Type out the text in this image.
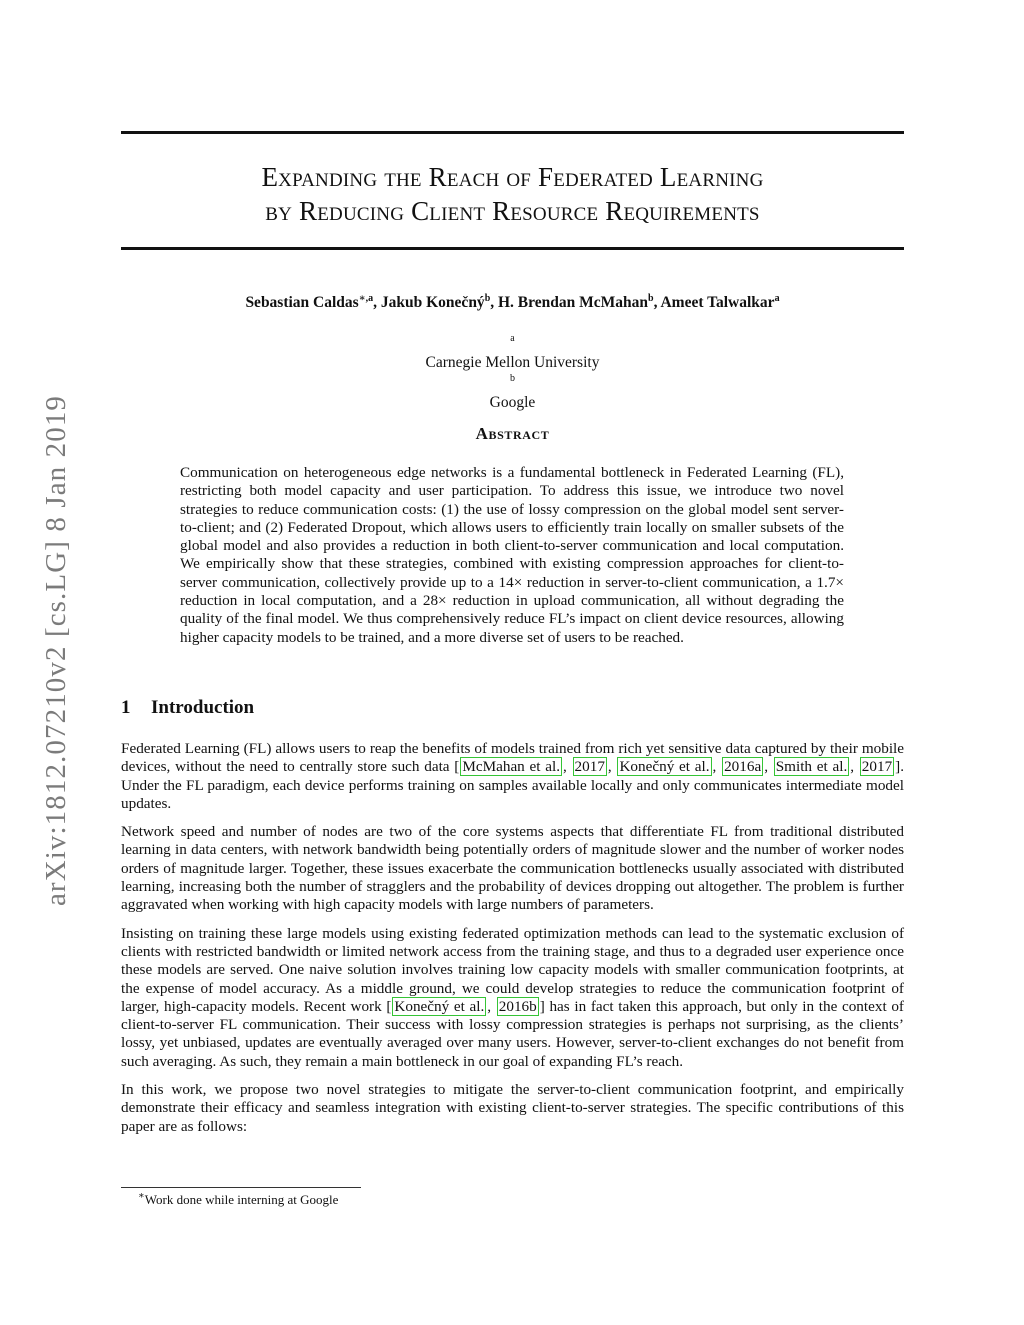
arXiv:1812.07210v2 [cs.LG] 8 Jan 2019
Expanding the Reach of Federated Learning
by Reducing Client Resource Requirements
Sebastian Caldas$^{∗,a}$, Jakub Konečný$^b$, H. Brendan McMahan$^b$, Ameet Talwalkar$^a$
$^a$
Carnegie Mellon University
$^b$
Google
Abstract
Communication on heterogeneous edge networks is a fundamental bottleneck in Federated Learning (FL), restricting both model capacity and user participation. To address this issue, we introduce two novel strategies to reduce communication costs: (1) the use of lossy compression on the global model sent server-to-client; and (2) Federated Dropout, which allows users to efficiently train locally on smaller subsets of the global model and also provides a reduction in both client-to-server communication and local computation. We empirically show that these strategies, combined with existing compression approaches for client-to-server communication, collectively provide up to a 14× reduction in server-to-client communication, a 1.7× reduction in local computation, and a 28× reduction in upload communication, all without degrading the quality of the final model. We thus comprehensively reduce FL’s impact on client device resources, allowing higher capacity models to be trained, and a more diverse set of users to be reached.
1 Introduction

Federated Learning (FL) allows users to reap the benefits of models trained from rich yet sensitive data captured by their mobile devices, without the need to centrally store such data [ McMahan et al. , 2017 , Konečný et al. , 2016a , Smith et al. , 2017 ]. Under the FL paradigm, each device performs training on samples available locally and only communicates intermediate model updates.

Network speed and number of nodes are two of the core systems aspects that differentiate FL from traditional distributed learning in data centers, with network bandwidth being potentially orders of magnitude slower and the number of worker nodes orders of magnitude larger. Together, these issues exacerbate the communication bottlenecks usually associated with distributed learning, increasing both the number of stragglers and the probability of devices dropping out altogether. The problem is further aggravated when working with high capacity models with large numbers of parameters.

Insisting on training these large models using existing federated optimization methods can lead to the systematic exclusion of clients with restricted bandwidth or limited network access from the training stage, and thus to a degraded user experience once these models are served. One naive solution involves training low capacity models with smaller communication footprints, at the expense of model accuracy. As a middle ground, we could develop strategies to reduce the communication footprint of larger, high-capacity models. Recent work [ Konečný et al. , 2016b ] has in fact taken this approach, but only in the context of client-to-server FL communication. Their success with lossy compression strategies is perhaps not surprising, as the clients’ lossy, yet unbiased, updates are eventually averaged over many users. However, server-to-client exchanges do not benefit from such averaging. As such, they remain a main bottleneck in our goal of expanding FL’s reach.

In this work, we propose two novel strategies to mitigate the server-to-client communication footprint, and empirically demonstrate their efficacy and seamless integration with existing client-to-server strategies. The specific contributions of this paper are as follows:

∗Work done while interning at Google
